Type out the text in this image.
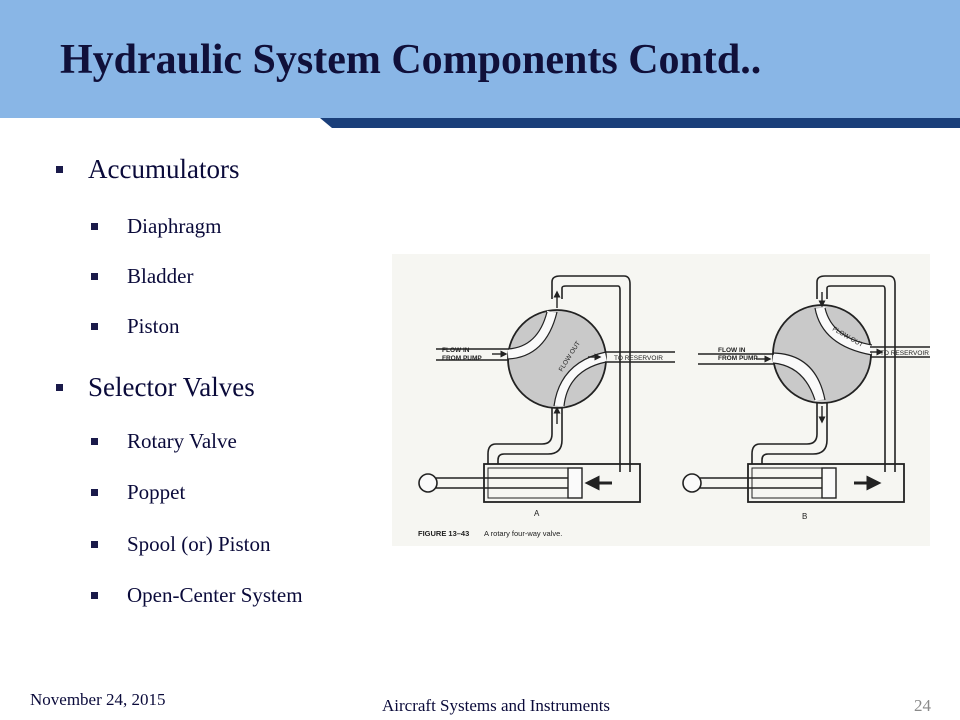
Hydraulic System Components Contd..
Accumulators
Diaphragm
Bladder
Piston
Selector Valves
Rotary Valve
Poppet
Spool (or) Piston
Open-Center System
FLOW IN
FROM PUMP	FLOW OUT	TO RESERVOIR
A
FLOW IN
FROM PUMP
FLOW OUT
TO RESERVOIR
B
FIGURE 13–43 A rotary four-way valve.
November 24, 2015	Aircraft Systems and Instruments	24
